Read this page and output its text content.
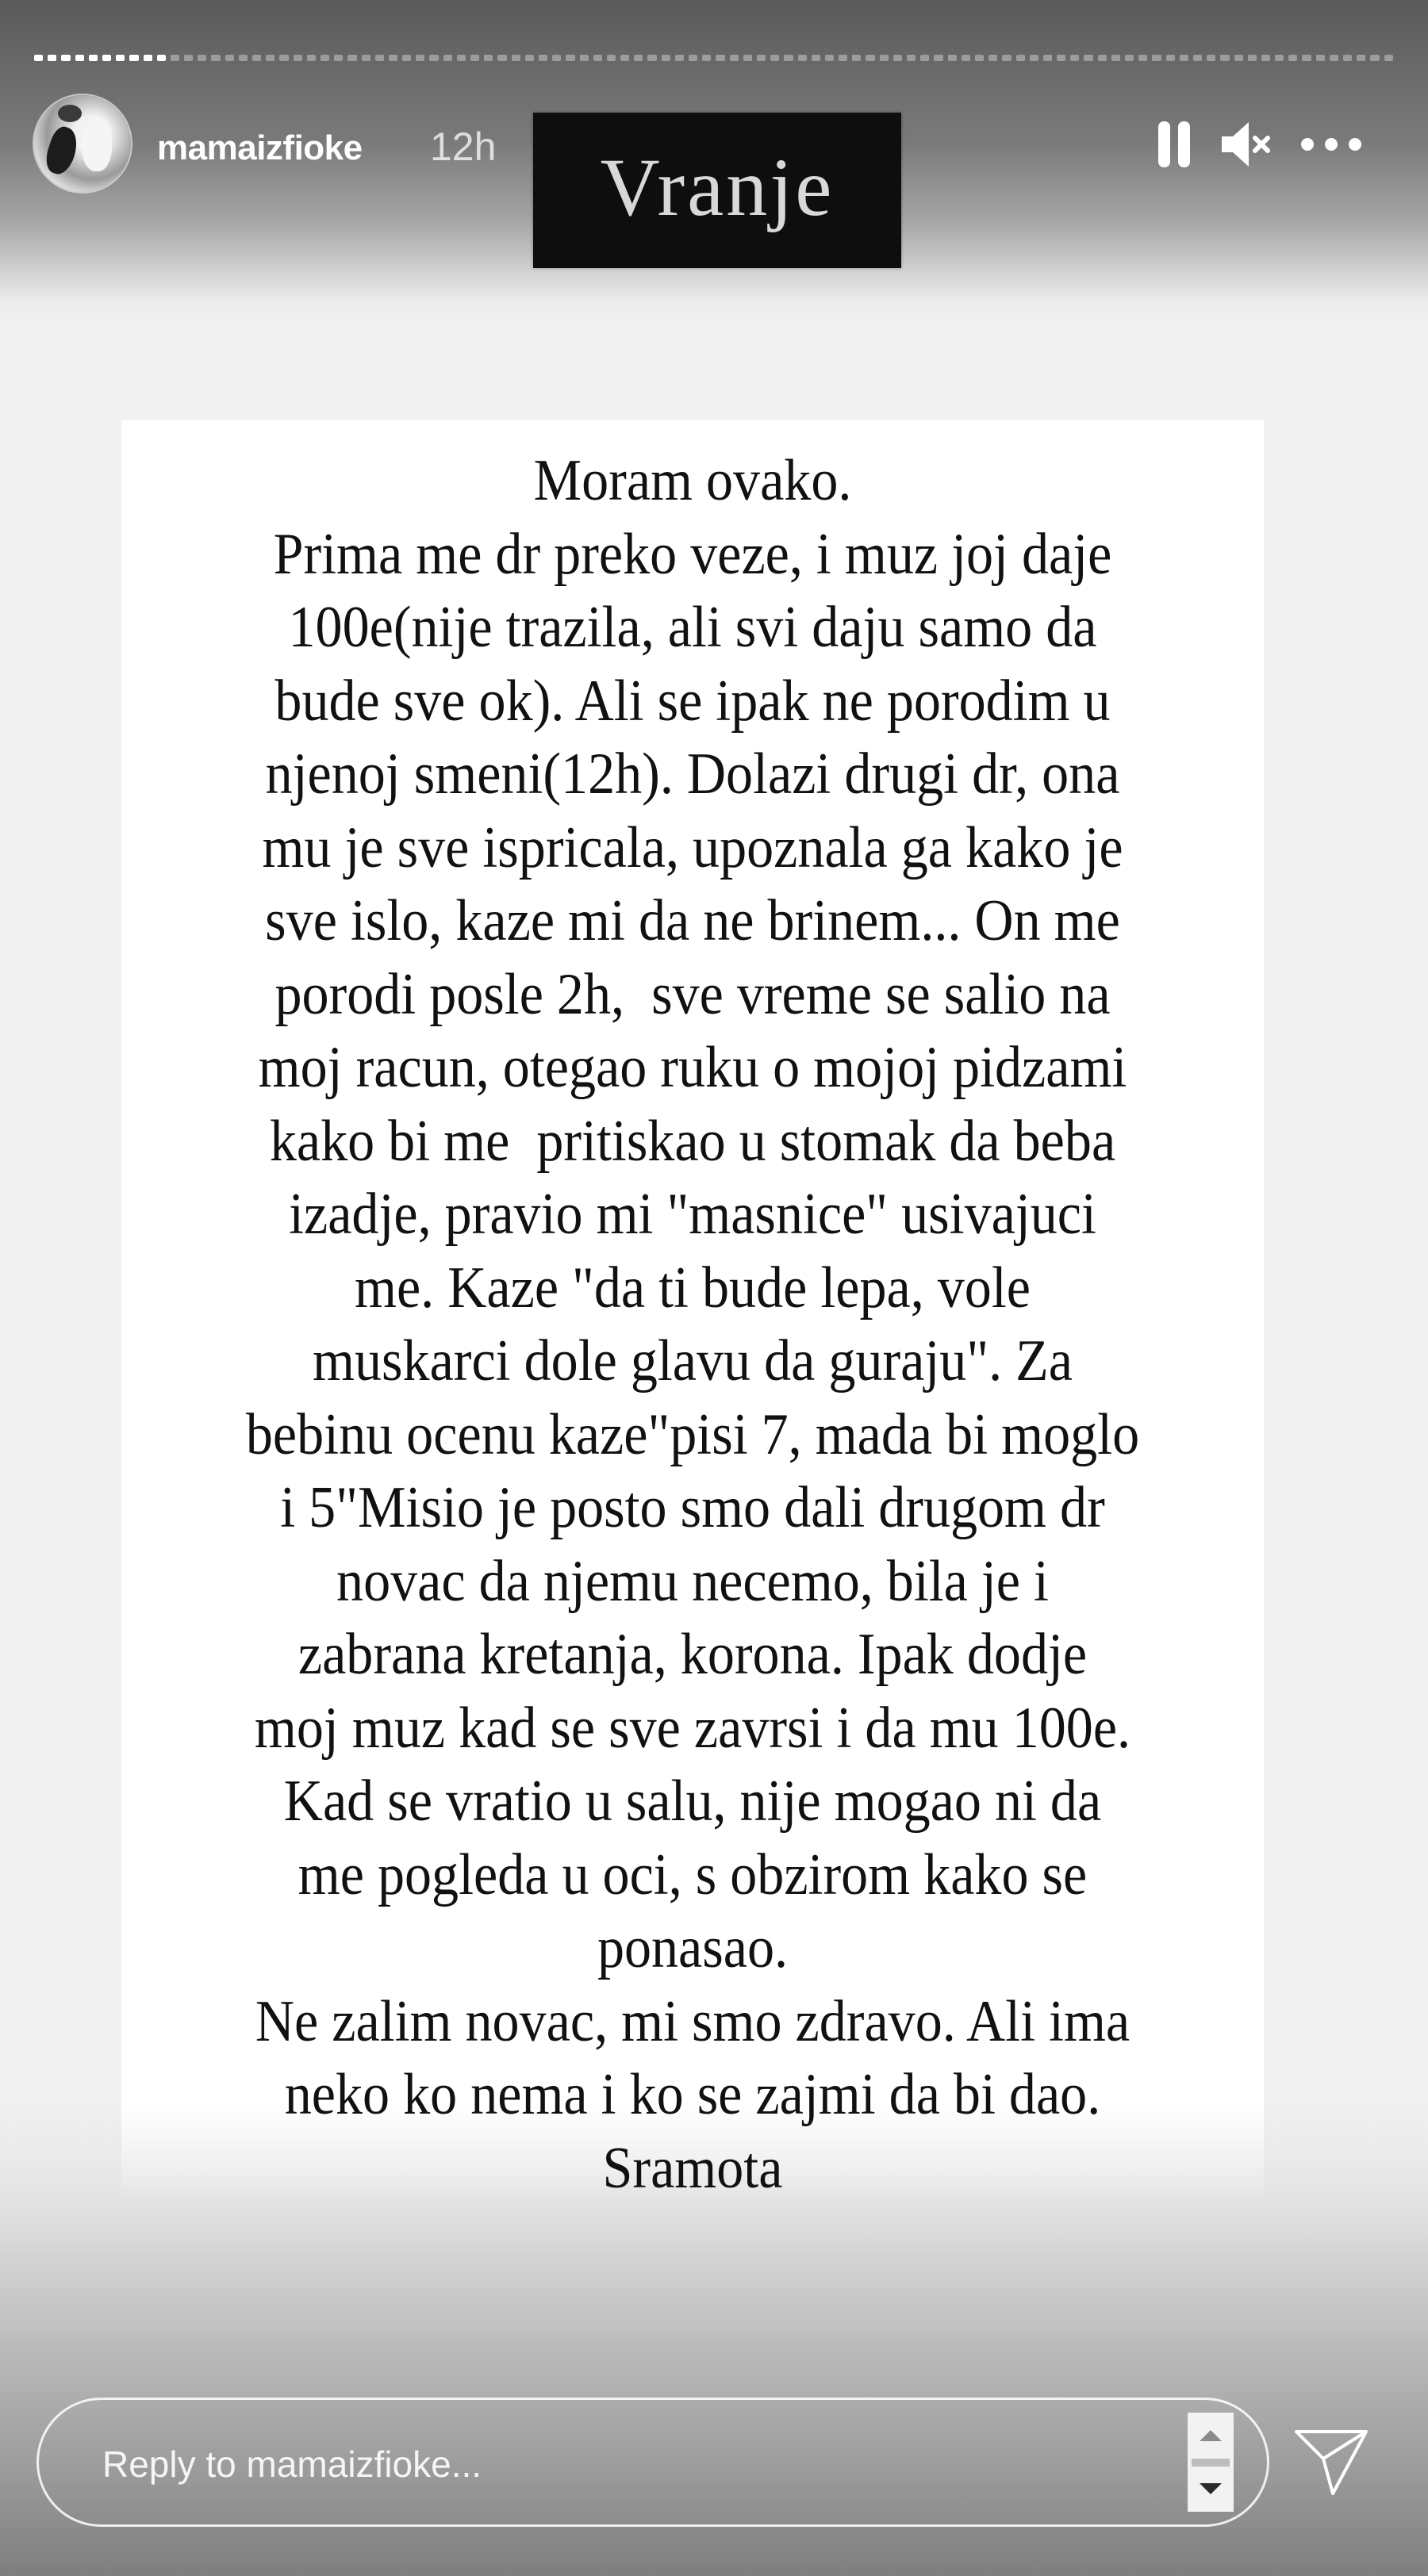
mamaizfioke 12h Vranje
Moram ovako.
Prima me dr preko veze, i muz joj daje
100e(nije trazila, ali svi daju samo da
bude sve ok). Ali se ipak ne porodim u
njenoj smeni(12h). Dolazi drugi dr, ona
mu je sve ispricala, upoznala ga kako je
sve islo, kaze mi da ne brinem... On me
porodi posle 2h,  sve vreme se salio na
moj racun, otegao ruku o mojoj pidzami
kako bi me  pritiskao u stomak da beba
izadje, pravio mi "masnice" usivajuci
me. Kaze "da ti bude lepa, vole
muskarci dole glavu da guraju". Za
bebinu ocenu kaze"pisi 7, mada bi moglo
i 5"Misio je posto smo dali drugom dr
novac da njemu necemo, bila je i
zabrana kretanja, korona. Ipak dodje
moj muz kad se sve zavrsi i da mu 100e.
Kad se vratio u salu, nije mogao ni da
me pogleda u oci, s obzirom kako se
ponasao.
Ne zalim novac, mi smo zdravo. Ali ima
neko ko nema i ko se zajmi da bi dao.
Sramota
Reply to mamaizfioke...
